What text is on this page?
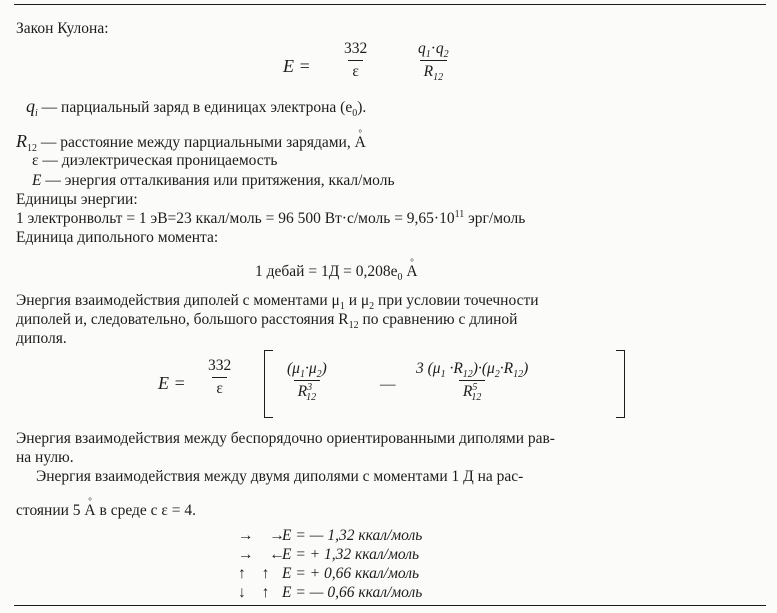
Закон Кулона:
$E = \frac{332}{\varepsilon}$	$\frac{q_1\cdot q_2}{R_{12}}$
$q_i$ — парциальный заряд в единицах электрона $(e_0)$.
$R_{12}$ — расстояние между парциальными зарядами, ° A
ε — диэлектрическая проницаемость
E — энергия отталкивания или притяжения, ккал/моль
Единицы энергии:
1 электронвольт = 1 эВ=23 ккал/моль = 96 500 Вт·с/моль = $9,65\cdot 10^{11}$ эрг/моль
Единица дипольного момента:
1 дебай = $1Д = 0,208e_0$ ° A
Энергия взаимодействия диполей с моментами $\mu_1$ и $\mu_2$ при условии точечности
диполей и, следовательно, большого расстояния $R_{12}$ по сравнению с длиной
диполя.
$E = \frac{332}{\varepsilon}$	$\frac{(\mu_1\cdot\mu_2)}{R^3_{12}}$	— $\frac{3 (\mu_1 \cdot R_{12})\cdot(\mu_2\cdot R_{12})}{R^5_{12}}$
Энергия взаимодействия между беспорядочно ориентированными диполями рав-
на нулю.
Энергия взаимодействия между двумя диполями с моментами 1 Д на рас-
стоянии 5 ° A в среде с ε = 4.
→ →E = — 1,32 ккал/моль
→ ←E = + 1,32 ккал/моль
↑ ↑ E = + 0,66 ккал/моль
↓ ↑ E = — 0,66 ккал/моль
